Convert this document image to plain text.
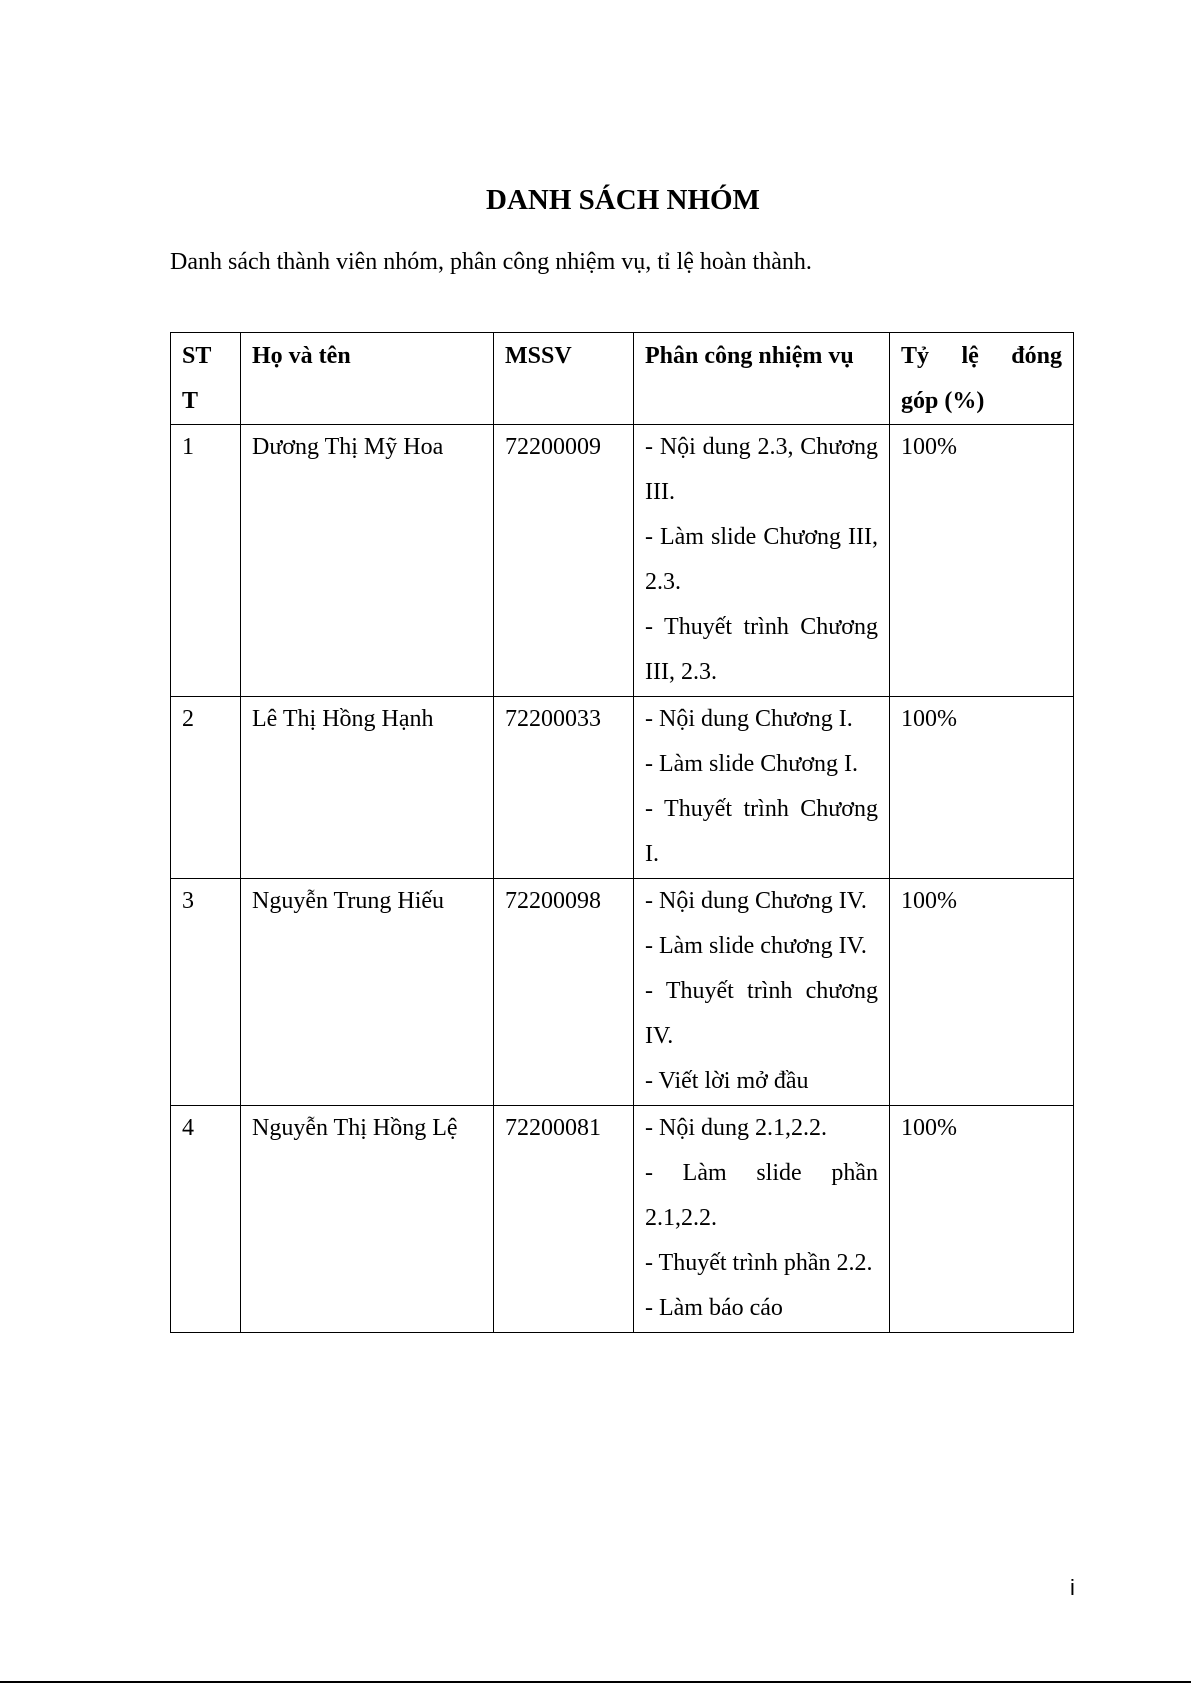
DANH SÁCH NHÓM

Danh sách thành viên nhóm, phân công nhiệm vụ, tỉ lệ hoàn thành.

ST
T	Họ và tên	MSSV	Phân công nhiệm vụ	Tỷ lệ đóng
góp (%)

1	Dương Thị Mỹ Hoa	72200009	- Nội dung 2.3, Chương III.
- Làm slide Chương III, 2.3.
- Thuyết trình Chương III, 2.3.	100%
2	Lê Thị Hồng Hạnh	72200033	- Nội dung Chương I.
- Làm slide Chương I.
- Thuyết trình Chương I.	100%
3	Nguyễn Trung Hiếu	72200098	- Nội dung Chương IV.
- Làm slide chương IV.
- Thuyết trình chương IV.
- Viết lời mở đầu	100%
4	Nguyễn Thị Hồng Lệ	72200081	- Nội dung 2.1,2.2.
- Làm slide phần 2.1,2.2.
- Thuyết trình phần 2.2.
- Làm báo cáo	100%

i
